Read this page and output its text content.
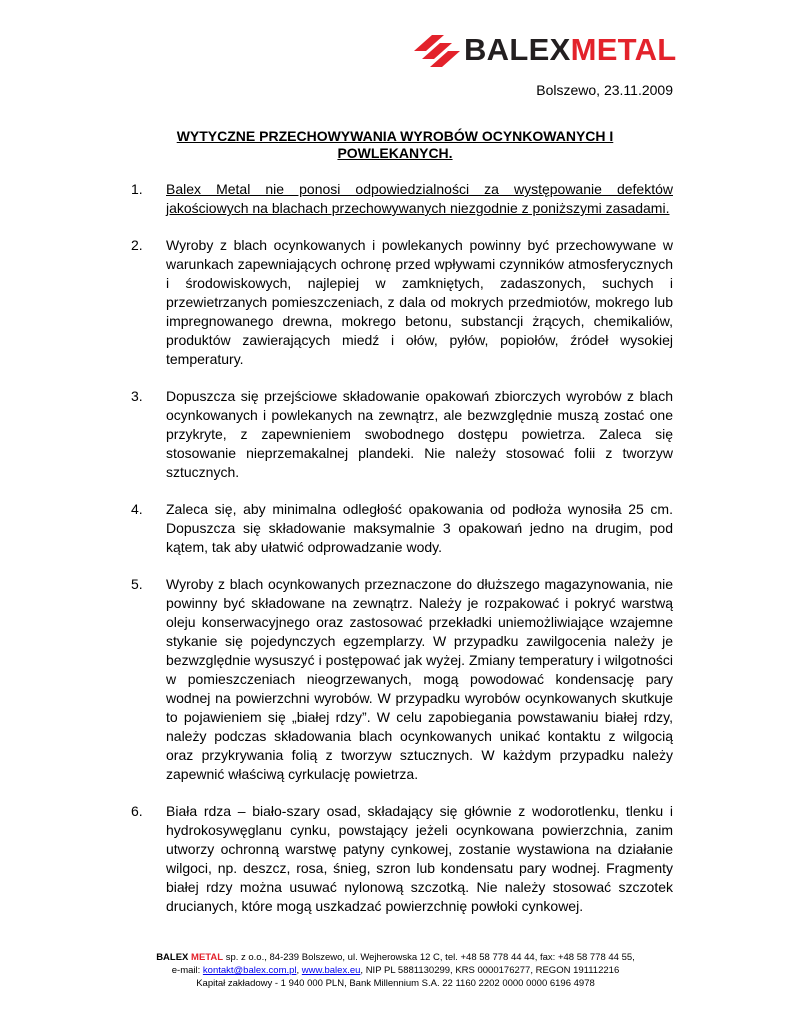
BALEXMETAL
Bolszewo, 23.11.2009
WYTYCZNE PRZECHOWYWANIA WYROBÓW OCYNKOWANYCH I
POWLEKANYCH.
1. Balex Metal nie ponosi odpowiedzialności za występowanie defektów jakościowych na blachach przechowywanych niezgodnie z poniższymi zasadami.
2. Wyroby z blach ocynkowanych i powlekanych powinny być przechowywane w warunkach zapewniających ochronę przed wpływami czynników atmosferycznych i środowiskowych, najlepiej w zamkniętych, zadaszonych, suchych i przewietrzanych pomieszczeniach, z dala od mokrych przedmiotów, mokrego lub impregnowanego drewna, mokrego betonu, substancji żrących, chemikaliów, produktów zawierających miedź i ołów, pyłów, popiołów, źródeł wysokiej temperatury.
3. Dopuszcza się przejściowe składowanie opakowań zbiorczych wyrobów z blach ocynkowanych i powlekanych na zewnątrz, ale bezwzględnie muszą zostać one przykryte, z zapewnieniem swobodnego dostępu powietrza. Zaleca się stosowanie nieprzemakalnej plandeki. Nie należy stosować folii z tworzyw sztucznych.
4. Zaleca się, aby minimalna odległość opakowania od podłoża wynosiła 25 cm. Dopuszcza się składowanie maksymalnie 3 opakowań jedno na drugim, pod kątem, tak aby ułatwić odprowadzanie wody.
5. Wyroby z blach ocynkowanych przeznaczone do dłuższego magazynowania, nie powinny być składowane na zewnątrz. Należy je rozpakować i pokryć warstwą oleju konserwacyjnego oraz zastosować przekładki uniemożliwiające wzajemne stykanie się pojedynczych egzemplarzy. W przypadku zawilgocenia należy je bezwzględnie wysuszyć i postępować jak wyżej. Zmiany temperatury i wilgotności w pomieszczeniach nieogrzewanych, mogą powodować kondensację pary wodnej na powierzchni wyrobów. W przypadku wyrobów ocynkowanych skutkuje to pojawieniem się „białej rdzy”. W celu zapobiegania powstawaniu białej rdzy, należy podczas składowania blach ocynkowanych unikać kontaktu z wilgocią oraz przykrywania folią z tworzyw sztucznych. W każdym przypadku należy zapewnić właściwą cyrkulację powietrza.
6. Biała rdza – biało-szary osad, składający się głównie z wodorotlenku, tlenku i hydrokosywęglanu cynku, powstający jeżeli ocynkowana powierzchnia, zanim utworzy ochronną warstwę patyny cynkowej, zostanie wystawiona na działanie wilgoci, np. deszcz, rosa, śnieg, szron lub kondensatu pary wodnej. Fragmenty białej rdzy można usuwać nylonową szczotką. Nie należy stosować szczotek drucianych, które mogą uszkadzać powierzchnię powłoki cynkowej.
BALEX METAL sp. z o.o., 84-239 Bolszewo, ul. Wejherowska 12 C, tel. +48 58 778 44 44, fax: +48 58 778 44 55,
e-mail: kontakt@balex.com.pl, www.balex.eu, NIP PL 5881130299, KRS 0000176277, REGON 191112216
Kapitał zakładowy - 1 940 000 PLN, Bank Millennium S.A. 22 1160 2202 0000 0000 6196 4978
